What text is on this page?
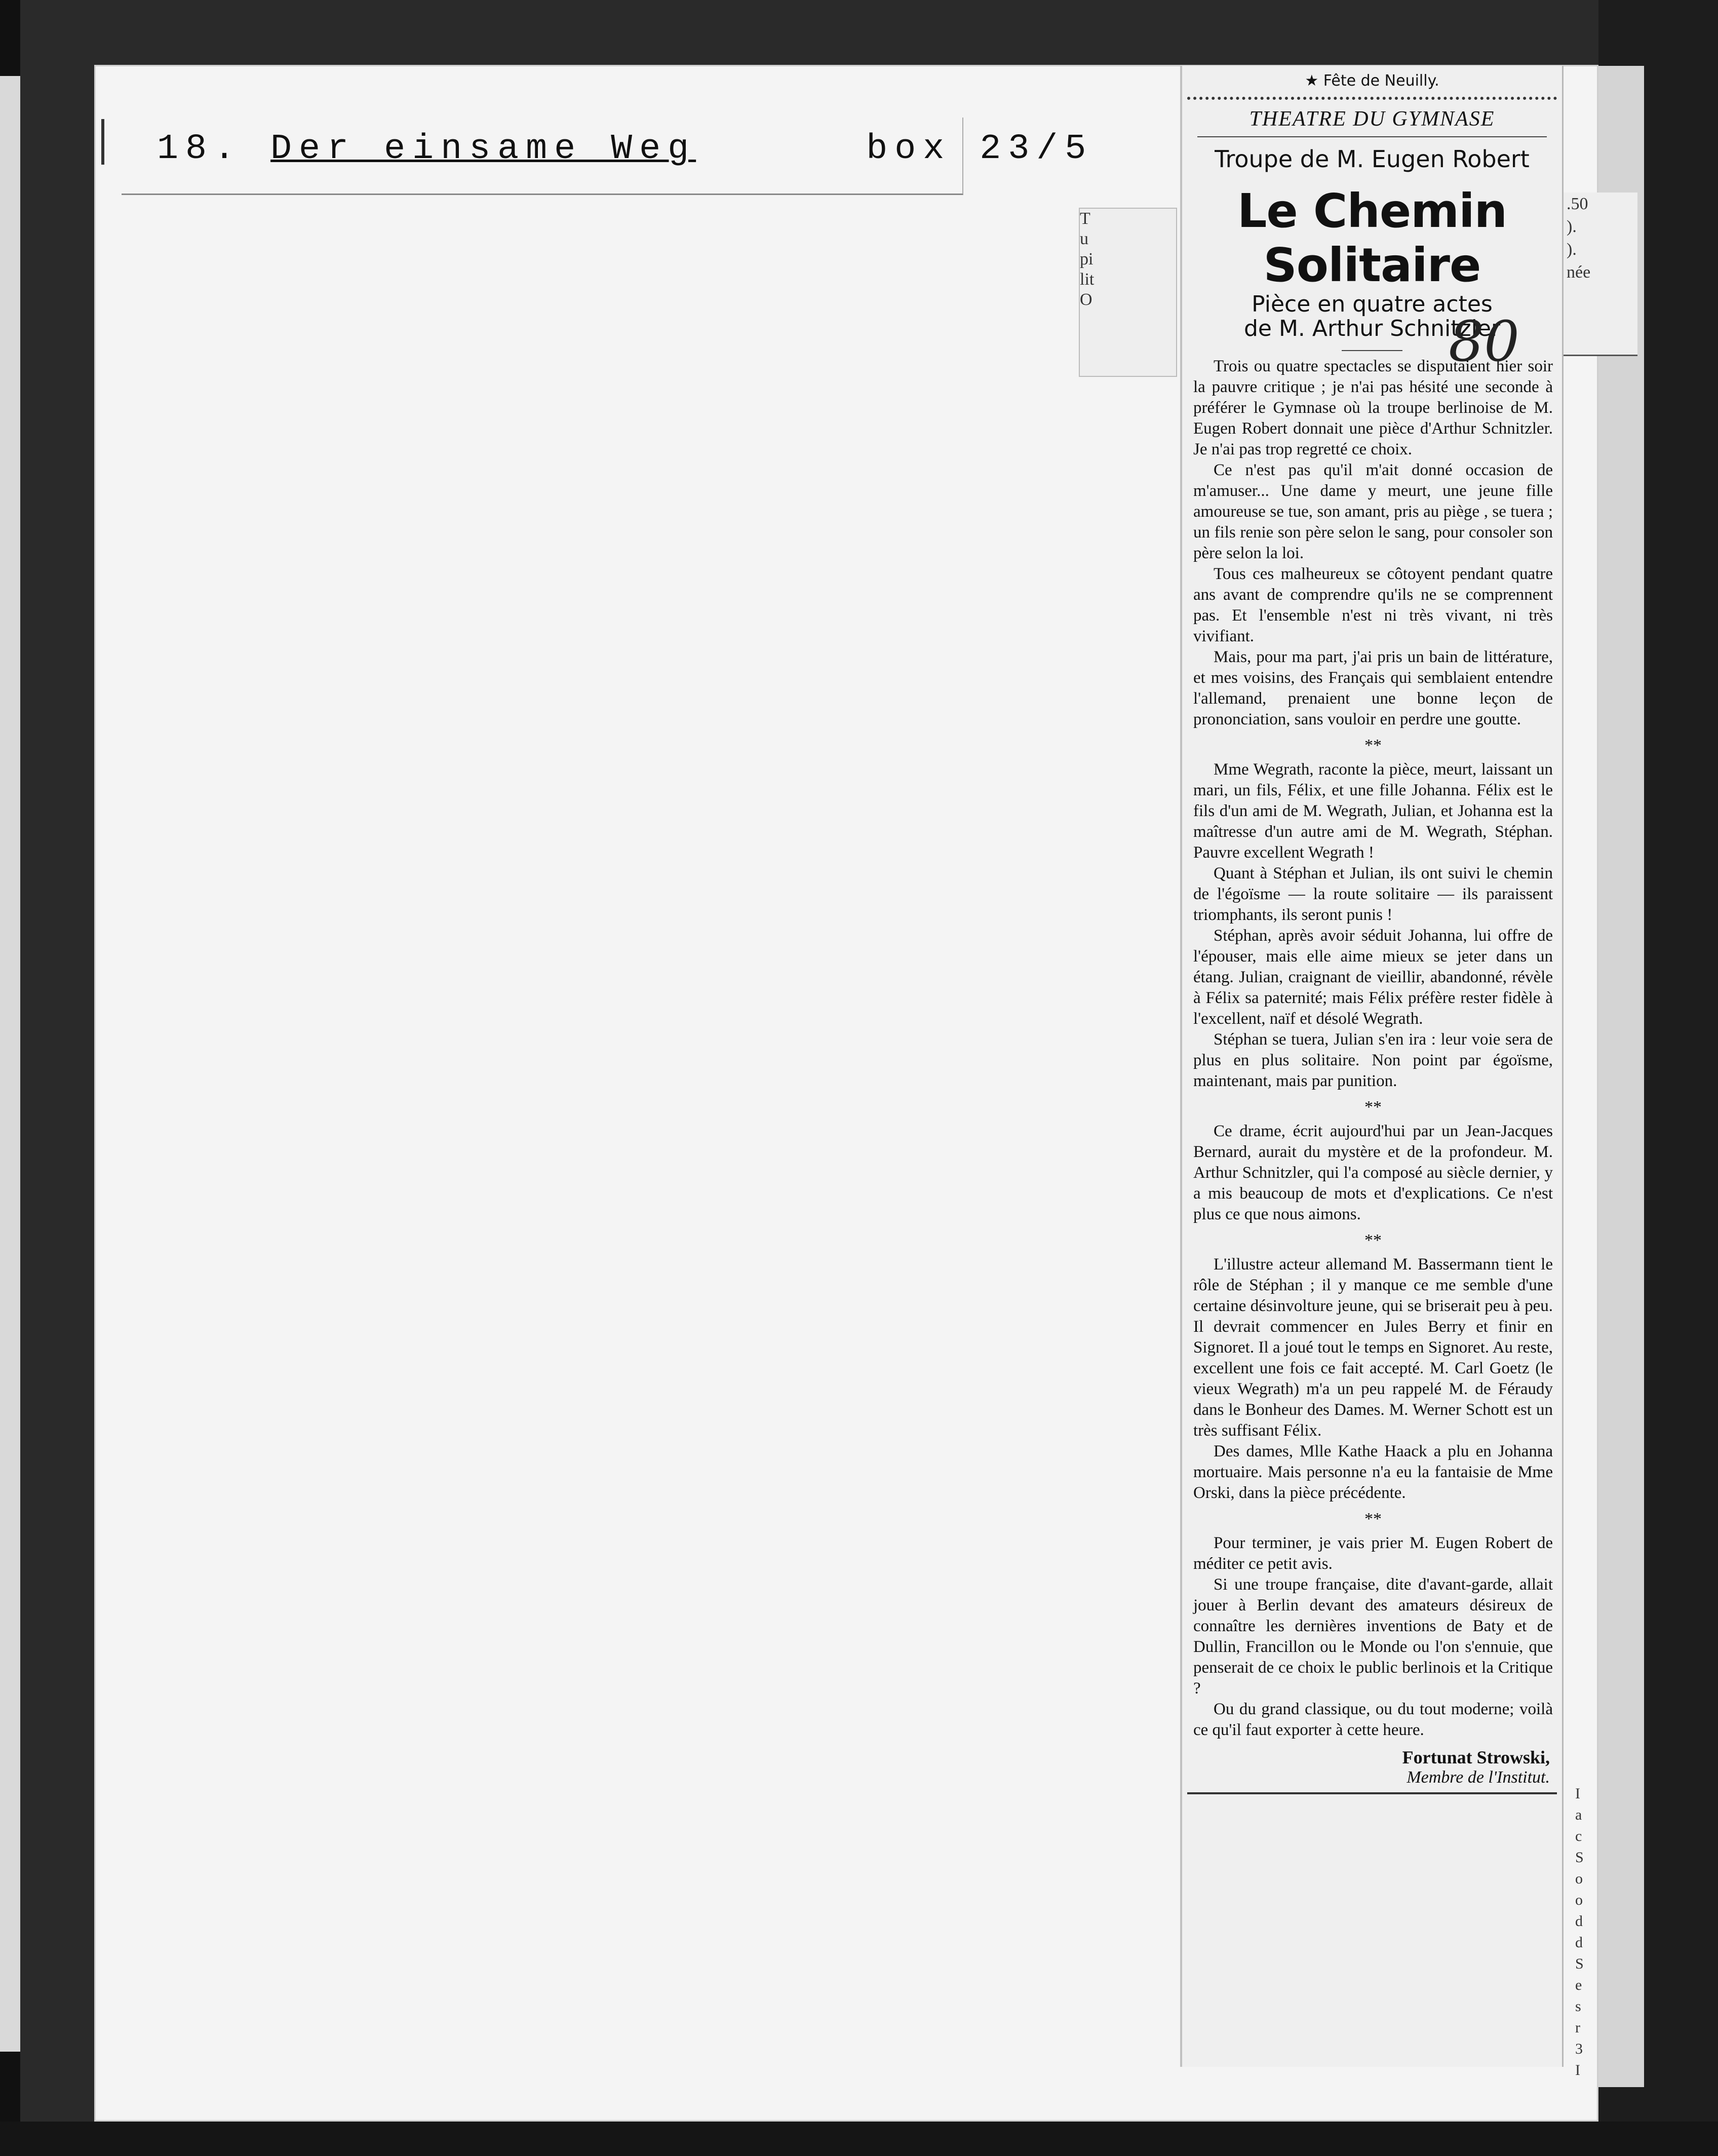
18. Der einsame Weg	box 23/5
T
u
pi
lit
O
.50
).
).
née
I
a
c
S
o
o
d
d
S
e
s
r
3
I
★ Fête de Neuilly.
THEATRE DU GYMNASE
Troupe de M. Eugen Robert
Le Chemin Solitaire
Pièce en quatre actes
de M. Arthur Schnitzler

Trois ou quatre spectacles se disputaient hier soir la pauvre critique ; je n'ai pas hésité une seconde à préférer le Gymnase où la troupe berlinoise de M. Eugen Robert donnait une pièce d'Arthur Schnitzler. Je n'ai pas trop regretté ce choix.

Ce n'est pas qu'il m'ait donné occasion de m'amuser... Une dame y meurt, une jeune fille amoureuse se tue, son amant, pris au piège , se tuera ; un fils renie son père selon le sang, pour consoler son père selon la loi.

Tous ces malheureux se côtoyent pendant quatre ans avant de comprendre qu'ils ne se comprennent pas. Et l'ensemble n'est ni très vivant, ni très vivifiant.

Mais, pour ma part, j'ai pris un bain de littérature, et mes voisins, des Français qui semblaient entendre l'allemand, prenaient une bonne leçon de prononciation, sans vouloir en perdre une goutte.

**

Mme Wegrath, raconte la pièce, meurt, laissant un mari, un fils, Félix, et une fille Johanna. Félix est le fils d'un ami de M. Wegrath, Julian, et Johanna est la maîtresse d'un autre ami de M. Wegrath, Stéphan. Pauvre excellent Wegrath !

Quant à Stéphan et Julian, ils ont suivi le chemin de l'égoïsme — la route solitaire — ils paraissent triomphants, ils seront punis !

Stéphan, après avoir séduit Johanna, lui offre de l'épouser, mais elle aime mieux se jeter dans un étang. Julian, craignant de vieillir, abandonné, révèle à Félix sa paternité; mais Félix préfère rester fidèle à l'excellent, naïf et désolé Wegrath.

Stéphan se tuera, Julian s'en ira : leur voie sera de plus en plus solitaire. Non point par égoïsme, maintenant, mais par punition.

**

Ce drame, écrit aujourd'hui par un Jean-Jacques Bernard, aurait du mystère et de la profondeur. M. Arthur Schnitzler, qui l'a composé au siècle dernier, y a mis beaucoup de mots et d'explications. Ce n'est plus ce que nous aimons.

**

L'illustre acteur allemand M. Bassermann tient le rôle de Stéphan ; il y manque ce me semble d'une certaine désinvolture jeune, qui se briserait peu à peu. Il devrait commencer en Jules Berry et finir en Signoret. Il a joué tout le temps en Signoret. Au reste, excellent une fois ce fait accepté. M. Carl Goetz (le vieux Wegrath) m'a un peu rappelé M. de Féraudy dans le Bonheur des Dames. M. Werner Schott est un très suffisant Félix.

Des dames, Mlle Kathe Haack a plu en Johanna mortuaire. Mais personne n'a eu la fantaisie de Mme Orski, dans la pièce précédente.

**

Pour terminer, je vais prier M. Eugen Robert de méditer ce petit avis.

Si une troupe française, dite d'avant-garde, allait jouer à Berlin devant des amateurs désireux de connaître les dernières inventions de Baty et de Dullin, Francillon ou le Monde ou l'on s'ennuie, que penserait de ce choix le public berlinois et la Critique ?

Ou du grand classique, ou du tout moderne; voilà ce qu'il faut exporter à cette heure.

Fortunat Strowski,
Membre de l'Institut.
80
